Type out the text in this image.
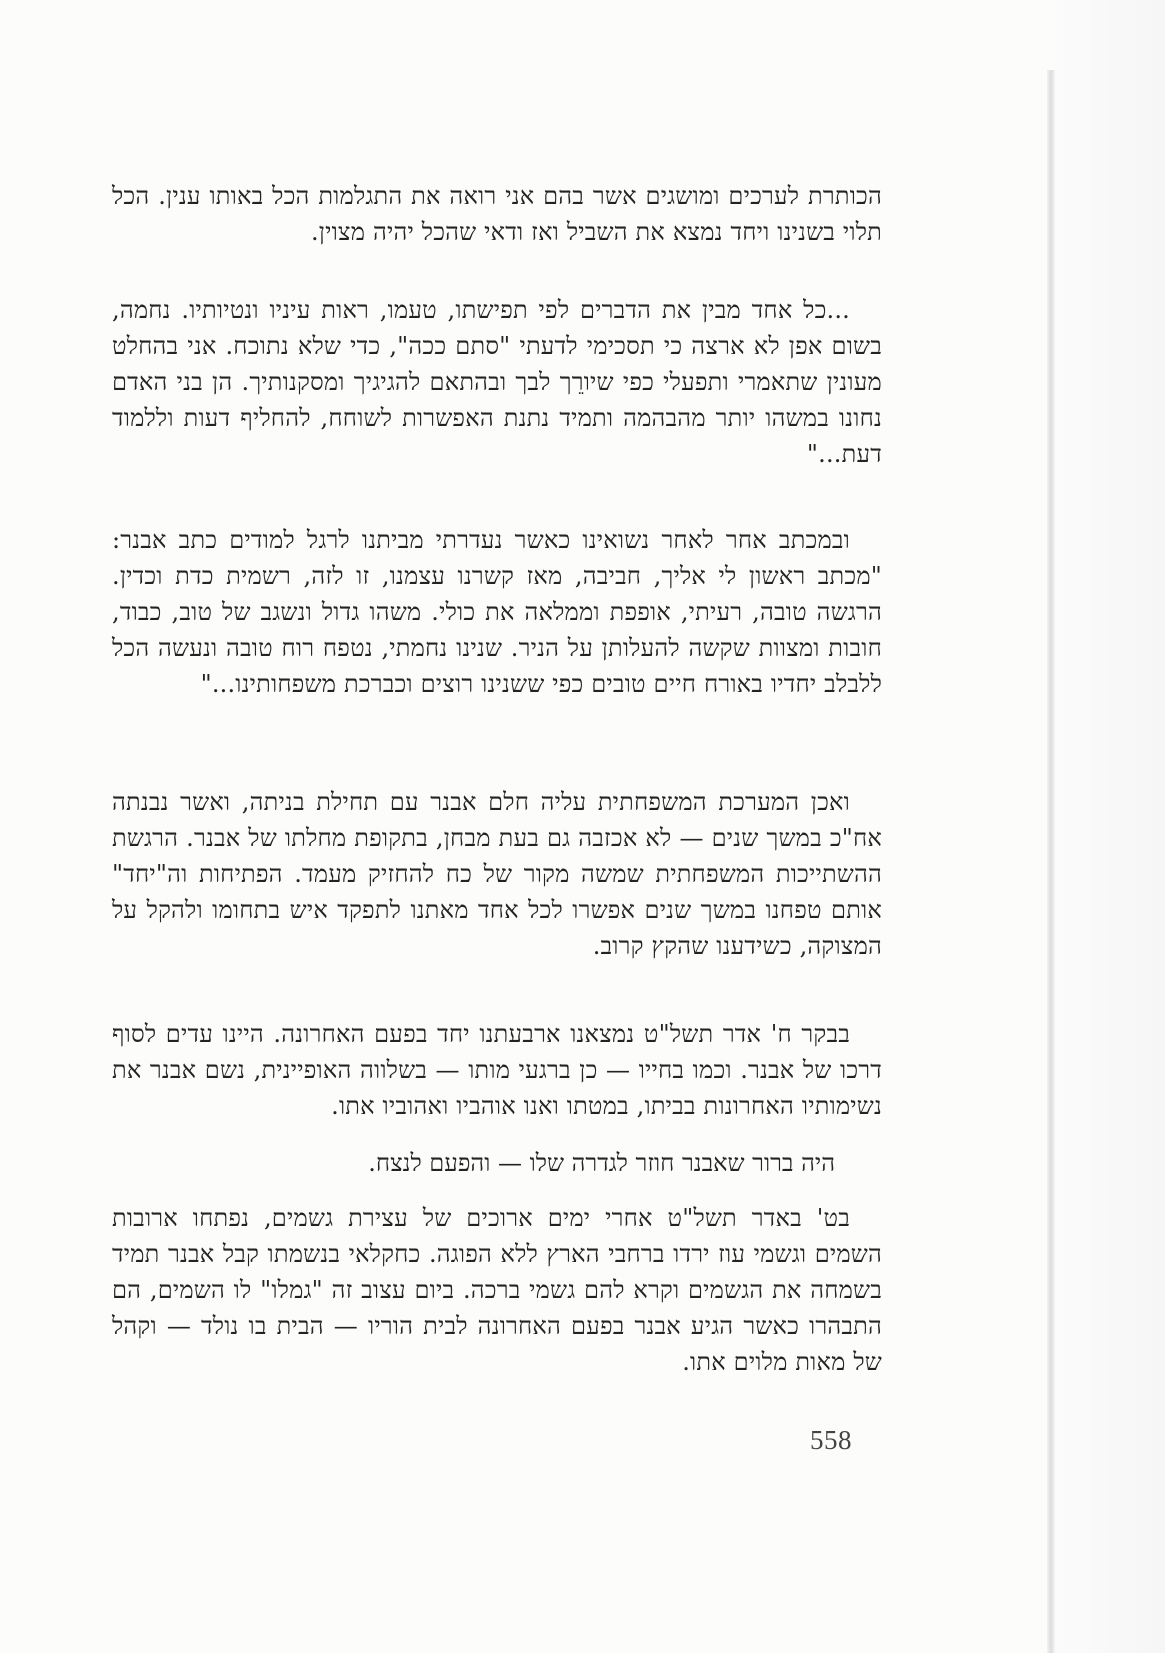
הכותרת לערכים ומושגים אשר בהם אני רואה את התגלמות הכל באותו ענין. הכל תלוי בשנינו ויחד נמצא את השביל ואז ודאי שהכל יהיה מצוין.

...כל אחד מבין את הדברים לפי תפישתו, טעמו, ראות עיניו ונטיותיו. נחמה, בשום אפן לא ארצה כי תסכימי לדעתי "סתם ככה", כדי שלא נתוכח. אני בהחלט מעונין שתאמרי ותפעלי כפי שיורֵך לבך ובהתאם להגיגיך ומסקנותיך. הן בני האדם נחונו במשהו יותר מהבהמה ותמיד נתנת האפשרות לשוחח, להחליף דעות וללמוד דעת..."

ובמכתב אחר לאחר נשואינו כאשר נעדרתי מביתנו לרגל למודים כתב אבנר: "מכתב ראשון לי אליך, חביבה, מאז קשרנו עצמנו, זו לזה, רשמית כדת וכדין. הרגשה טובה, רעיתי, אופפת וממלאה את כולי. משהו גדול ונשגב של טוב, כבוד, חובות ומצוות שקשה להעלותן על הניר. שנינו נחמתי, נטפח רוח טובה ונעשה הכל ללבלב יחדיו באורח חיים טובים כפי ששנינו רוצים וכברכת משפחותינו..."

ואכן המערכת המשפחתית עליה חלם אבנר עם תחילת בניתה, ואשר נבנתה אח"כ במשך שנים — לא אכזבה גם בעת מבחן, בתקופת מחלתו של אבנר. הרגשת ההשתייכות המשפחתית שמשה מקור של כח להחזיק מעמד. הפתיחות וה"יחד" אותם טפחנו במשך שנים אפשרו לכל אחד מאתנו לתפקד איש בתחומו ולהקל על המצוקה, כשידענו שהקץ קרוב.

בבקר ח' אדר תשל"ט נמצאנו ארבעתנו יחד בפעם האחרונה. היינו עדים לסוף דרכו של אבנר. וכמו בחייו — כן ברגעי מותו — בשלווה האופיינית, נשם אבנר את נשימותיו האחרונות בביתו, במטתו ואנו אוהביו ואהוביו אתו.

היה ברור שאבנר חוזר לגדרה שלו — והפעם לנצח.

בט' באדר תשל"ט אחרי ימים ארוכים של עצירת גשמים, נפתחו ארובות השמים וגשמי עוז ירדו ברחבי הארץ ללא הפוגה. כחקלאי בנשמתו קבל אבנר תמיד בשמחה את הגשמים וקרא להם גשמי ברכה. ביום עצוב זה "גמלו" לו השמים, הם התבהרו כאשר הגיע אבנר בפעם האחרונה לבית הוריו — הבית בו נולד — וקהל של מאות מלוים אתו.

558
